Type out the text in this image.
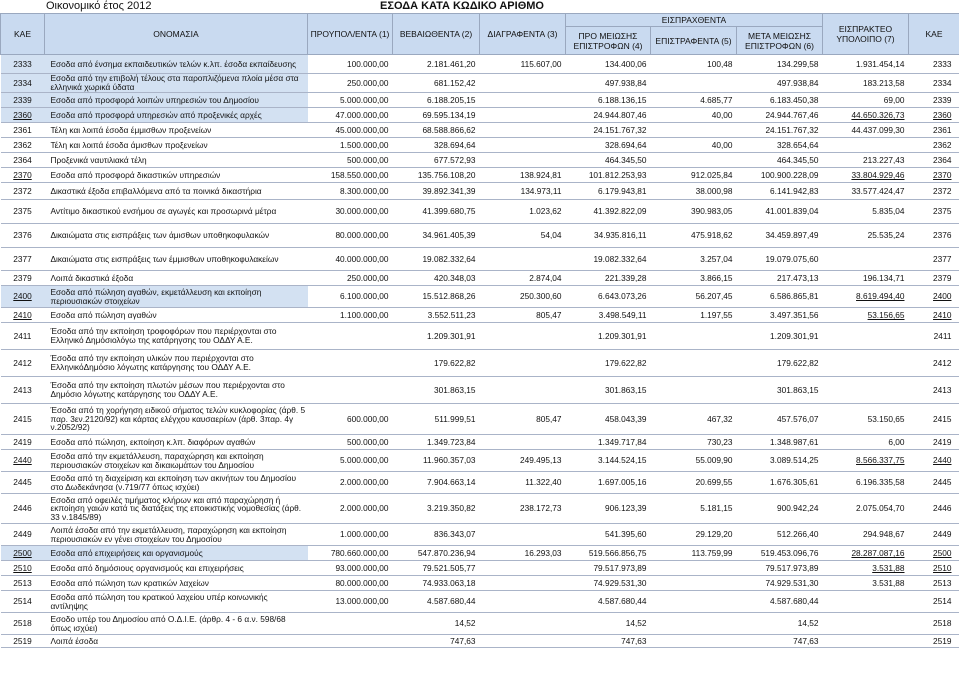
Οικονομικό έτος 2012	ΕΣΟΔΑ ΚΑΤΑ ΚΩΔΙΚΟ ΑΡΙΘΜΟ
ΚΑΕ	ΟΝΟΜΑΣΙΑ	ΠΡΟΥΠΟΛ/ΕΝΤΑ (1)	ΒΕΒΑΙΩΘΕΝΤΑ (2)	ΔΙΑΓΡΑΦΕΝΤΑ (3)	ΕΙΣΠΡΑΧΘΕΝΤΑ			ΕΙΣΠΡΑΚΤΕΟ ΥΠΟΛΟΙΠΟ (7)	ΚΑΕ
					ΠΡΟ ΜΕΙΩΣΗΣ ΕΠΙΣΤΡΟΦΩΝ (4)	ΕΠΙΣΤΡΑΦΕΝΤΑ (5)	ΜΕΤΑ ΜΕΙΩΣΗΣ ΕΠΙΣΤΡΟΦΩΝ (6)		
2333	Εσοδα από ένσημα εκπαιδευτικών τελών κ.λπ. έσοδα εκπαίδευσης	100.000,00	2.181.461,20	115.607,00	134.400,06	100,48	134.299,58	1.931.454,14	2333
2334	Εσοδα από την επιβολή τέλους στα παροπλιζόμενα πλοία μέσα στα ελληνικά χωρικά ύδατα	250.000,00	681.152,42		497.938,84		497.938,84	183.213,58	2334
2339	Εσοδα από προσφορά λοιπών υπηρεσιών του Δημοσίου	5.000.000,00	6.188.205,15		6.188.136,15	4.685,77	6.183.450,38	69,00	2339
2360	Εσοδα από προσφορά υπηρεσιών από προξενικές αρχές	47.000.000,00	69.595.134,19		24.944.807,46	40,00	24.944.767,46	44.650.326,73	2360
2361	Τέλη και λοιπά έσοδα έμμισθων προξενείων	45.000.000,00	68.588.866,62		24.151.767,32		24.151.767,32	44.437.099,30	2361
2362	Τέλη και λοιπά έσοδα άμισθων προξενείων	1.500.000,00	328.694,64		328.694,64	40,00	328.654,64		2362
2364	Προξενικά ναυτιλιακά τέλη	500.000,00	677.572,93		464.345,50		464.345,50	213.227,43	2364
2370	Εσοδα από προσφορά δικαστικών υπηρεσιών	158.550.000,00	135.756.108,20	138.924,81	101.812.253,93	912.025,84	100.900.228,09	33.804.929,46	2370
2372	Δικαστικά έξοδα επιβαλλόμενα από τα ποινικά δικαστήρια	8.300.000,00	39.892.341,39	134.973,11	6.179.943,81	38.000,98	6.141.942,83	33.577.424,47	2372
2375	Αντίτιμο δικαστικού ενσήμου σε αγωγές και προσωρινά μέτρα	30.000.000,00	41.399.680,75	1.023,62	41.392.822,09	390.983,05	41.001.839,04	5.835,04	2375
2376	Δικαιώματα στις εισπράξεις των άμισθων υποθηκοφυλακών	80.000.000,00	34.961.405,39	54,04	34.935.816,11	475.918,62	34.459.897,49	25.535,24	2376
2377	Δικαιώματα στις εισπράξεις των έμμισθων υποθηκοφυλακείων	40.000.000,00	19.082.332,64		19.082.332,64	3.257,04	19.079.075,60		2377
2379	Λοιπά δικαστικά έξοδα	250.000,00	420.348,03	2.874,04	221.339,28	3.866,15	217.473,13	196.134,71	2379
2400	Εσοδα από πώληση αγαθών, εκμετάλλευση και εκποίηση περιουσιακών στοιχείων	6.100.000,00	15.512.868,26	250.300,60	6.643.073,26	56.207,45	6.586.865,81	8.619.494,40	2400
2410	Εσοδα από πώληση αγαθών	1.100.000,00	3.552.511,23	805,47	3.498.549,11	1.197,55	3.497.351,56	53.156,65	2410
2411	Έσοδα από την εκποίηση τροφοφόρων που περιέρχονται στο Ελληνικό Δημόσιολόγω της κατάρηγσης του ΟΔΔΥ Α.Ε.		1.209.301,91		1.209.301,91		1.209.301,91		2411
2412	Έσοδα από την εκποίηση υλικών που περιέρχονται στο ΕλληνικόΔημόσιο λόγωτης κατάργησης του ΟΔΔΥ Α.Ε.		179.622,82		179.622,82		179.622,82		2412
2413	Έσοδα από την εκποίηση πλωτών μέσων που περιέρχονται στο Δημόσιο λόγωτης κατάργησης του ΟΔΔΥ Α.Ε.		301.863,15		301.863,15		301.863,15		2413
2415	Έσοδα από τη χορήγηση ειδικού σήματος τελών κυκλοφορίας (άρθ. 5 παρ. 3εν.2120/92) και κάρτας ελέγχου καυσαερίων (άρθ. 3παρ. 4γ ν.2052/92)	600.000,00	511.999,51	805,47	458.043,39	467,32	457.576,07	53.150,65	2415
2419	Εσοδα από πώληση, εκποίηση κ.λπ. διαφόρων αγαθών	500.000,00	1.349.723,84		1.349.717,84	730,23	1.348.987,61	6,00	2419
2440	Εσοδα από την εκμετάλλευση, παραχώρηση και εκποίηση περιουσιακών στοιχείων και δικαιωμάτων του Δημοσίου	5.000.000,00	11.960.357,03	249.495,13	3.144.524,15	55.009,90	3.089.514,25	8.566.337,75	2440
2445	Εσοδα από τη διαχείριση και εκποίηση των ακινήτων του Δημοσίου στο Δωδεκάνησα (ν.719/77 όπως ισχύει)	2.000.000,00	7.904.663,14	11.322,40	1.697.005,16	20.699,55	1.676.305,61	6.196.335,58	2445
2446	Εσοδα από οφειλές τιμήματος κλήρων και από παραχώρηση ή εκποίηση γαιών κατά τις διατάξεις της εποικιστικής νομοθεσίας (άρθ. 33 ν.1845/89)	2.000.000,00	3.219.350,82	238.172,73	906.123,39	5.181,15	900.942,24	2.075.054,70	2446
2449	Λοιπά έσοδα από την εκμετάλλευση, παραχώρηση και εκποίηση περιουσιακών εν γένει στοιχείων του Δημοσίου	1.000.000,00	836.343,07		541.395,60	29.129,20	512.266,40	294.948,67	2449
2500	Εσοδα από επιχειρήσεις και οργανισμούς	780.660.000,00	547.870.236,94	16.293,03	519.566.856,75	113.759,99	519.453.096,76	28.287.087,16	2500
2510	Εσοδα από δημόσιους οργανισμούς και επιχειρήσεις	93.000.000,00	79.521.505,77		79.517.973,89		79.517.973,89	3.531,88	2510
2513	Εσοδα από πώληση των κρατικών λαχείων	80.000.000,00	74.933.063,18		74.929.531,30		74.929.531,30	3.531,88	2513
2514	Εσοδα από πώληση του κρατικού λαχείου υπέρ κοινωνικής αντίληψης	13.000.000,00	4.587.680,44		4.587.680,44		4.587.680,44		2514
2518	Εσοδο υπέρ του Δημοσίου από Ο.Δ.Ι.Ε. (άρθρ. 4 - 6 α.ν. 598/68 όπως ισχύει)		14,52		14,52		14,52		2518
2519	Λοιπά έσοδα		747,63		747,63		747,63		2519
